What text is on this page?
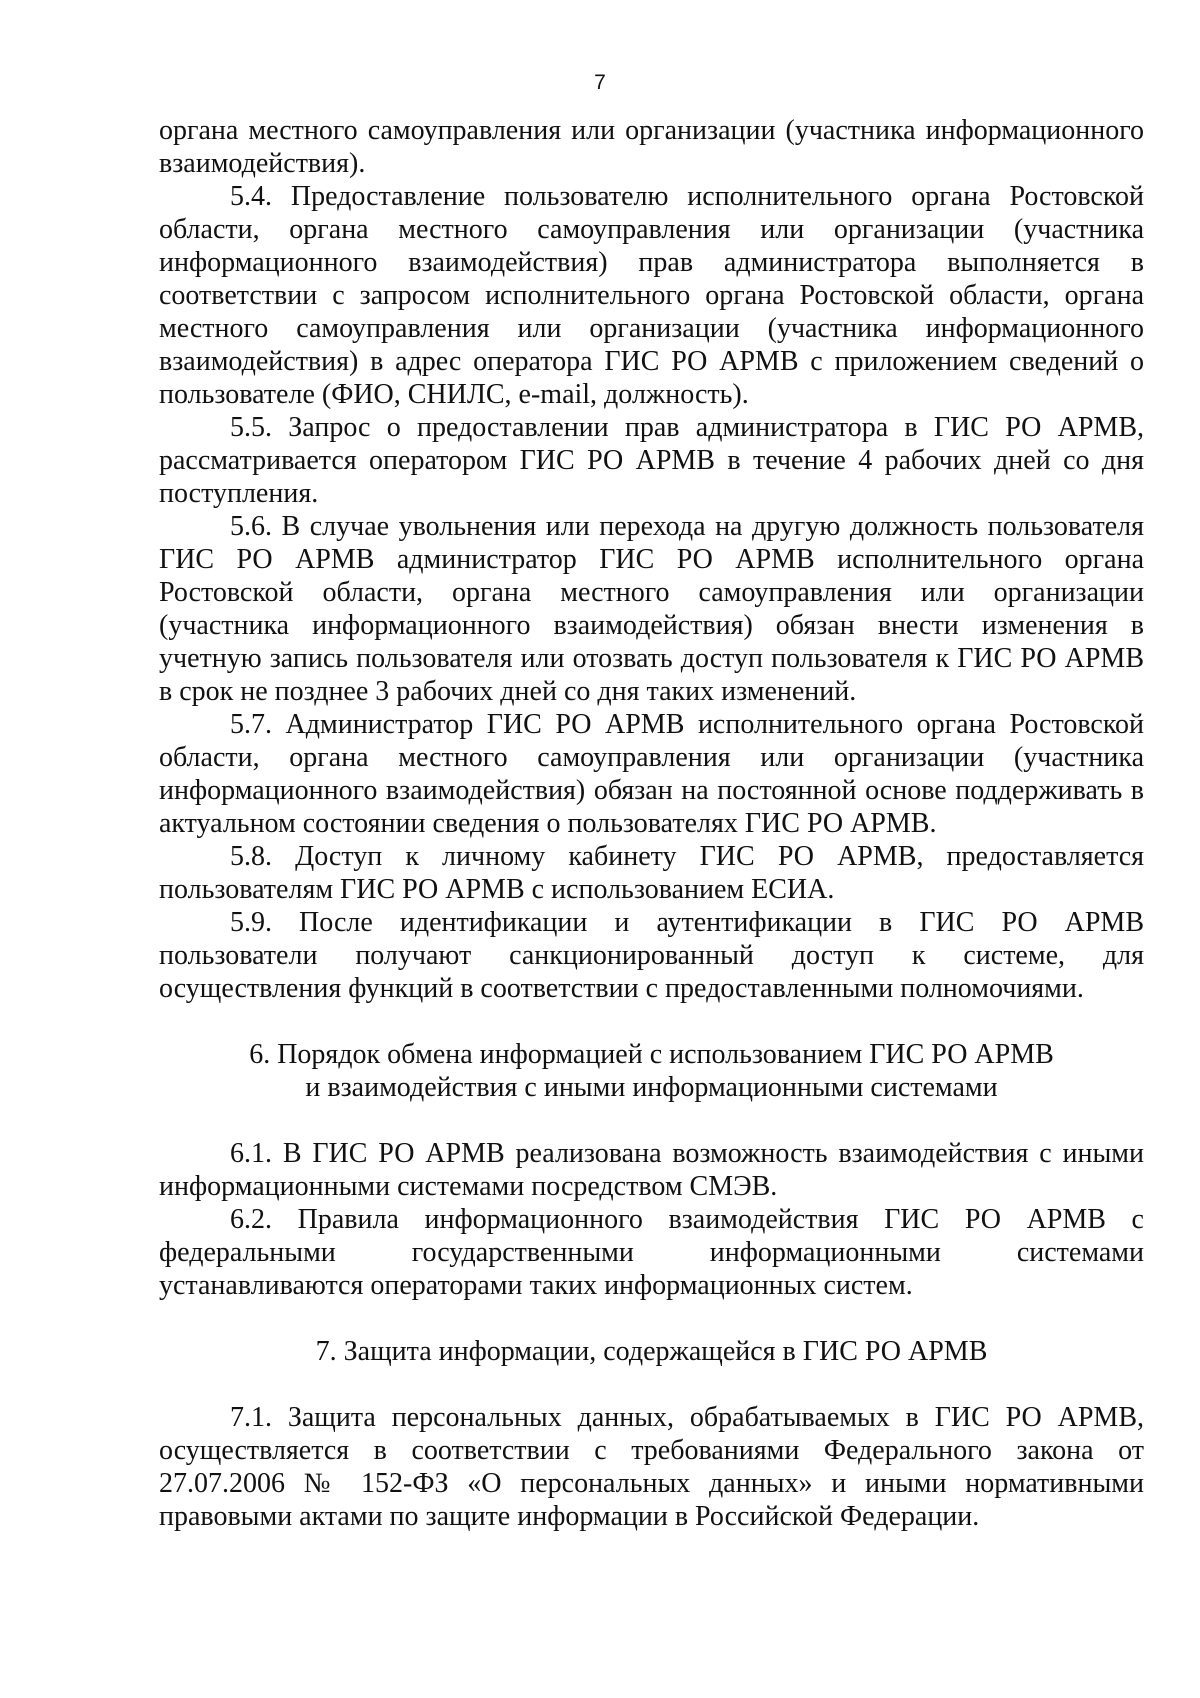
7

органа местного самоуправления или организации (участника информационного взаимодействия).

5.4. Предоставление пользователю исполнительного органа Ростовской области, органа местного самоуправления или организации (участника информационного взаимодействия) прав администратора выполняется в соответствии с запросом исполнительного органа Ростовской области, органа местного самоуправления или организации (участника информационного взаимодействия) в адрес оператора ГИС РО АРМВ с приложением сведений о пользователе (ФИО, СНИЛС, e-mail, должность).

5.5. Запрос о предоставлении прав администратора в ГИС РО АРМВ, рассматривается оператором ГИС РО АРМВ в течение 4 рабочих дней со дня поступления.

5.6. В случае увольнения или перехода на другую должность пользователя ГИС РО АРМВ администратор ГИС РО АРМВ исполнительного органа Ростовской области, органа местного самоуправления или организации (участника информационного взаимодействия) обязан внести изменения в учетную запись пользователя или отозвать доступ пользователя к ГИС РО АРМВ в срок не позднее 3 рабочих дней со дня таких изменений.

5.7. Администратор ГИС РО АРМВ исполнительного органа Ростовской области, органа местного самоуправления или организации (участника информационного взаимодействия) обязан на постоянной основе поддерживать в актуальном состоянии сведения о пользователях ГИС РО АРМВ.

5.8. Доступ к личному кабинету ГИС РО АРМВ, предоставляется пользователям ГИС РО АРМВ с использованием ЕСИА.

5.9. После идентификации и аутентификации в ГИС РО АРМВ пользователи получают санкционированный доступ к системе, для осуществления функций в соответствии с предоставленными полномочиями.

6. Порядок обмена информацией с использованием ГИС РО АРМВ
и взаимодействия с иными информационными системами

6.1. В ГИС РО АРМВ реализована возможность взаимодействия с иными информационными системами посредством СМЭВ.

6.2. Правила информационного взаимодействия ГИС РО АРМВ с федеральными государственными информационными системами устанавливаются операторами таких информационных систем.

7. Защита информации, содержащейся в ГИС РО АРМВ

7.1. Защита персональных данных, обрабатываемых в ГИС РО АРМВ, осуществляется в соответствии с требованиями Федерального закона от 27.07.2006 № 152-ФЗ «О персональных данных» и иными нормативными правовыми актами по защите информации в Российской Федерации.
